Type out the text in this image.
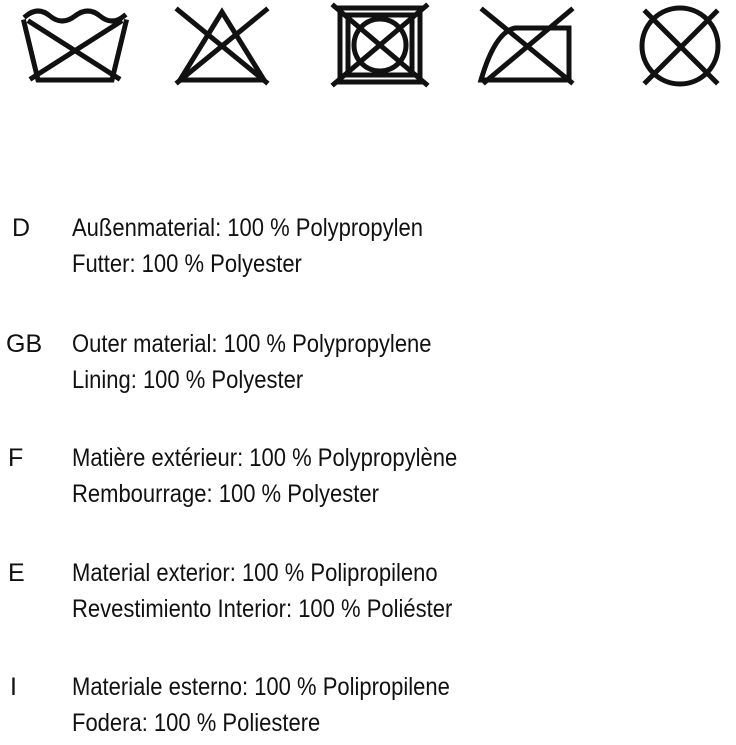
D Außenmaterial: 100 % Polypropylen
Futter: 100 % Polyester
GB Outer material: 100 % Polypropylene
Lining: 100 % Polyester
F Matière extérieur: 100 % Polypropylène
Rembourrage: 100 % Polyester
E Material exterior: 100 % Polipropileno
Revestimiento Interior: 100 % Poliéster
I Materiale esterno: 100 % Polipropilene
Fodera: 100 % Poliestere
